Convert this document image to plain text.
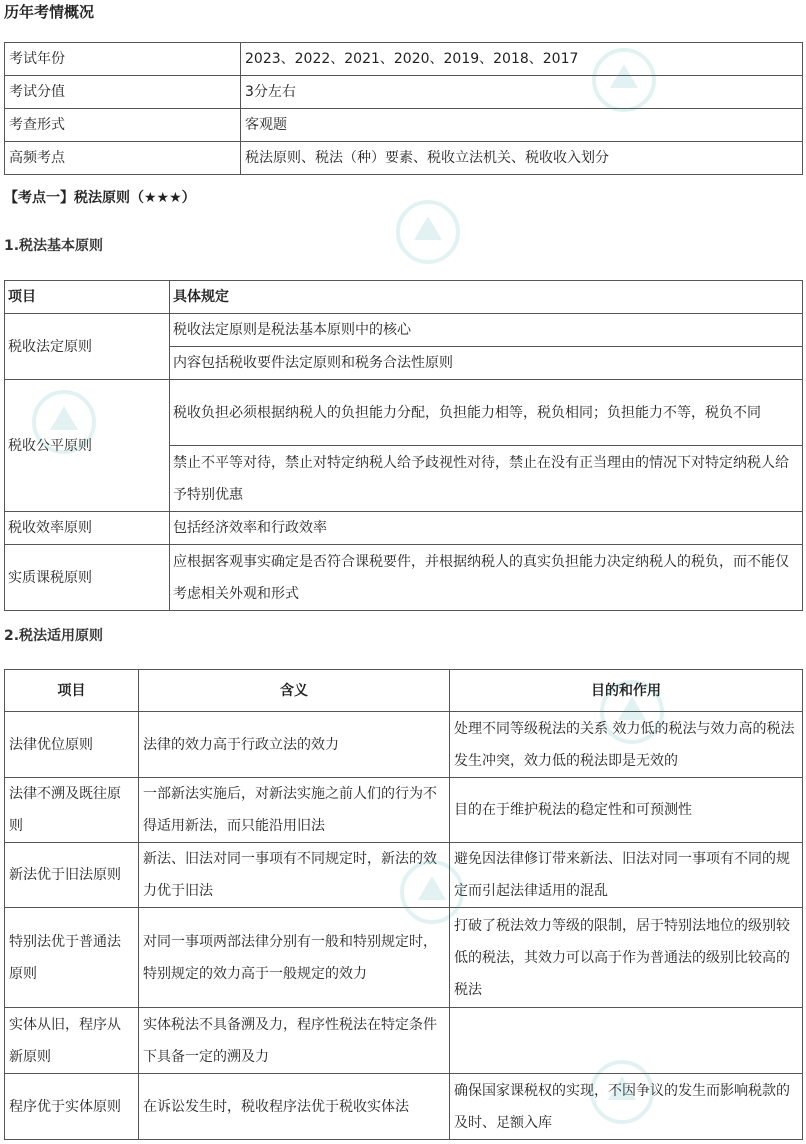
历年考情概况
考试年份	2023、2022、2021、2020、2019、2018、2017
考试分值	3分左右
考查形式	客观题
高频考点	税法原则、税法（种）要素、税收立法机关、税收收入划分
【考点一】税法原则（★★★）
1.税法基本原则
项目	具体规定
税收法定原则	税收法定原则是税法基本原则中的核心
	内容包括税收要件法定原则和税务合法性原则
税收公平原则	税收负担必须根据纳税人的负担能力分配，负担能力相等，税负相同；负担能力不等，税负不同
	禁止不平等对待，禁止对特定纳税人给予歧视性对待，禁止在没有正当理由的情况下对特定纳税人给予特别优惠
税收效率原则	包括经济效率和行政效率
实质课税原则	应根据客观事实确定是否符合课税要件，并根据纳税人的真实负担能力决定纳税人的税负，而不能仅考虑相关外观和形式
2.税法适用原则
项目	含义	目的和作用
法律优位原则	法律的效力高于行政立法的效力	处理不同等级税法的关系 效力低的税法与效力高的税法发生冲突，效力低的税法即是无效的
法律不溯及既往原则	一部新法实施后，对新法实施之前人们的行为不得适用新法，而只能沿用旧法	目的在于维护税法的稳定性和可预测性
新法优于旧法原则	新法、旧法对同一事项有不同规定时，新法的效力优于旧法	避免因法律修订带来新法、旧法对同一事项有不同的规定而引起法律适用的混乱
特别法优于普通法原则	对同一事项两部法律分别有一般和特别规定时，特别规定的效力高于一般规定的效力	打破了税法效力等级的限制，居于特别法地位的级别较低的税法，其效力可以高于作为普通法的级别比较高的税法
实体从旧，程序从新原则	实体税法不具备溯及力，程序性税法在特定条件下具备一定的溯及力	
程序优于实体原则	在诉讼发生时，税收程序法优于税收实体法	确保国家课税权的实现，不因争议的发生而影响税款的及时、足额入库
